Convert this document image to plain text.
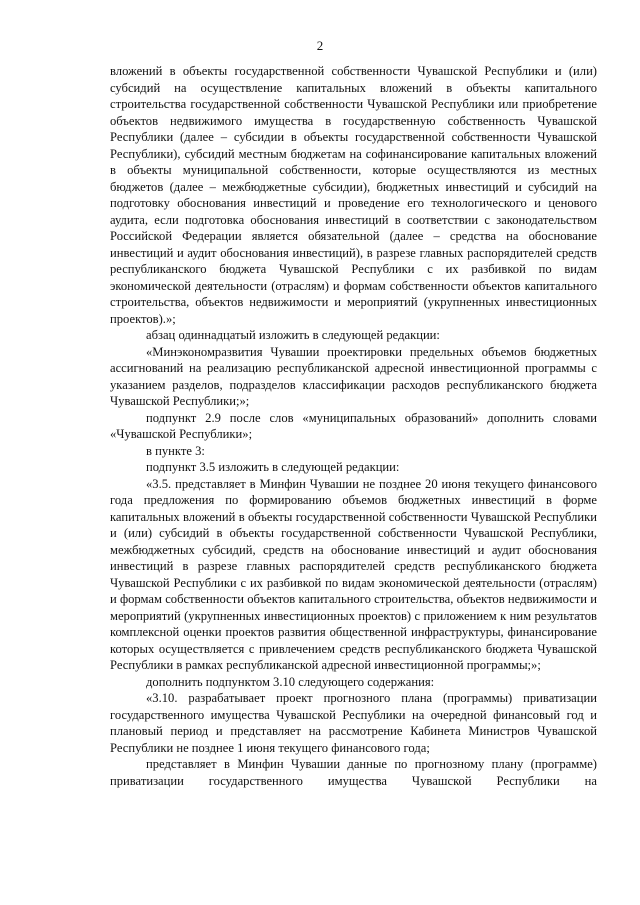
2

вложений в объекты государственной собственности Чувашской Республики и (или) субсидий на осуществление капитальных вложений в объекты капитального строительства государственной собственности Чувашской Республики или приобретение объектов недвижимого имущества в государственную собственность Чувашской Республики (далее – субсидии в объекты государственной собственности Чувашской Республики), субсидий местным бюджетам на софинансирование капитальных вложений в объекты муниципальной собственности, которые осуществляются из местных бюджетов (далее – межбюджетные субсидии), бюджетных инвестиций и субсидий на подготовку обоснования инвестиций и проведение его технологического и ценового аудита, если подготовка обоснования инвестиций в соответствии с законодательством Российской Федерации является обязательной (далее – средства на обоснование инвестиций и аудит обоснования инвестиций), в разрезе главных распорядителей средств республиканского бюджета Чувашской Республики с их разбивкой по видам экономической деятельности (отраслям) и формам собственности объектов капитального строительства, объектов недвижимости и мероприятий (укрупненных инвестиционных проектов).»;

абзац одиннадцатый изложить в следующей редакции:

«Минэкономразвития Чувашии проектировки предельных объемов бюджетных ассигнований на реализацию республиканской адресной инвестиционной программы с указанием разделов, подразделов классификации расходов республиканского бюджета Чувашской Республики;»;

подпункт 2.9 после слов «муниципальных образований» дополнить словами «Чувашской Республики»;

в пункте 3:

подпункт 3.5 изложить в следующей редакции:

«3.5. представляет в Минфин Чувашии не позднее 20 июня текущего финансового года предложения по формированию объемов бюджетных инвестиций в форме капитальных вложений в объекты государственной собственности Чувашской Республики и (или) субсидий в объекты государственной собственности Чувашской Республики, межбюджетных субсидий, средств на обоснование инвестиций и аудит обоснования инвестиций в разрезе главных распорядителей средств республиканского бюджета Чувашской Республики с их разбивкой по видам экономической деятельности (отраслям) и формам собственности объектов капитального строительства, объектов недвижимости и мероприятий (укрупненных инвестиционных проектов) с приложением к ним результатов комплексной оценки проектов развития общественной инфраструктуры, финансирование которых осуществляется с привлечением средств республиканского бюджета Чувашской Республики в рамках республиканской адресной инвестиционной программы;»;

дополнить подпунктом 3.10 следующего содержания:

«3.10. разрабатывает проект прогнозного плана (программы) приватизации государственного имущества Чувашской Республики на очередной финансовый год и плановый период и представляет на рассмотрение Кабинета Министров Чувашской Республики не позднее 1 июня текущего финансового года;

представляет в Минфин Чувашии данные по прогнозному плану (программе) приватизации государственного имущества Чувашской Республики на
